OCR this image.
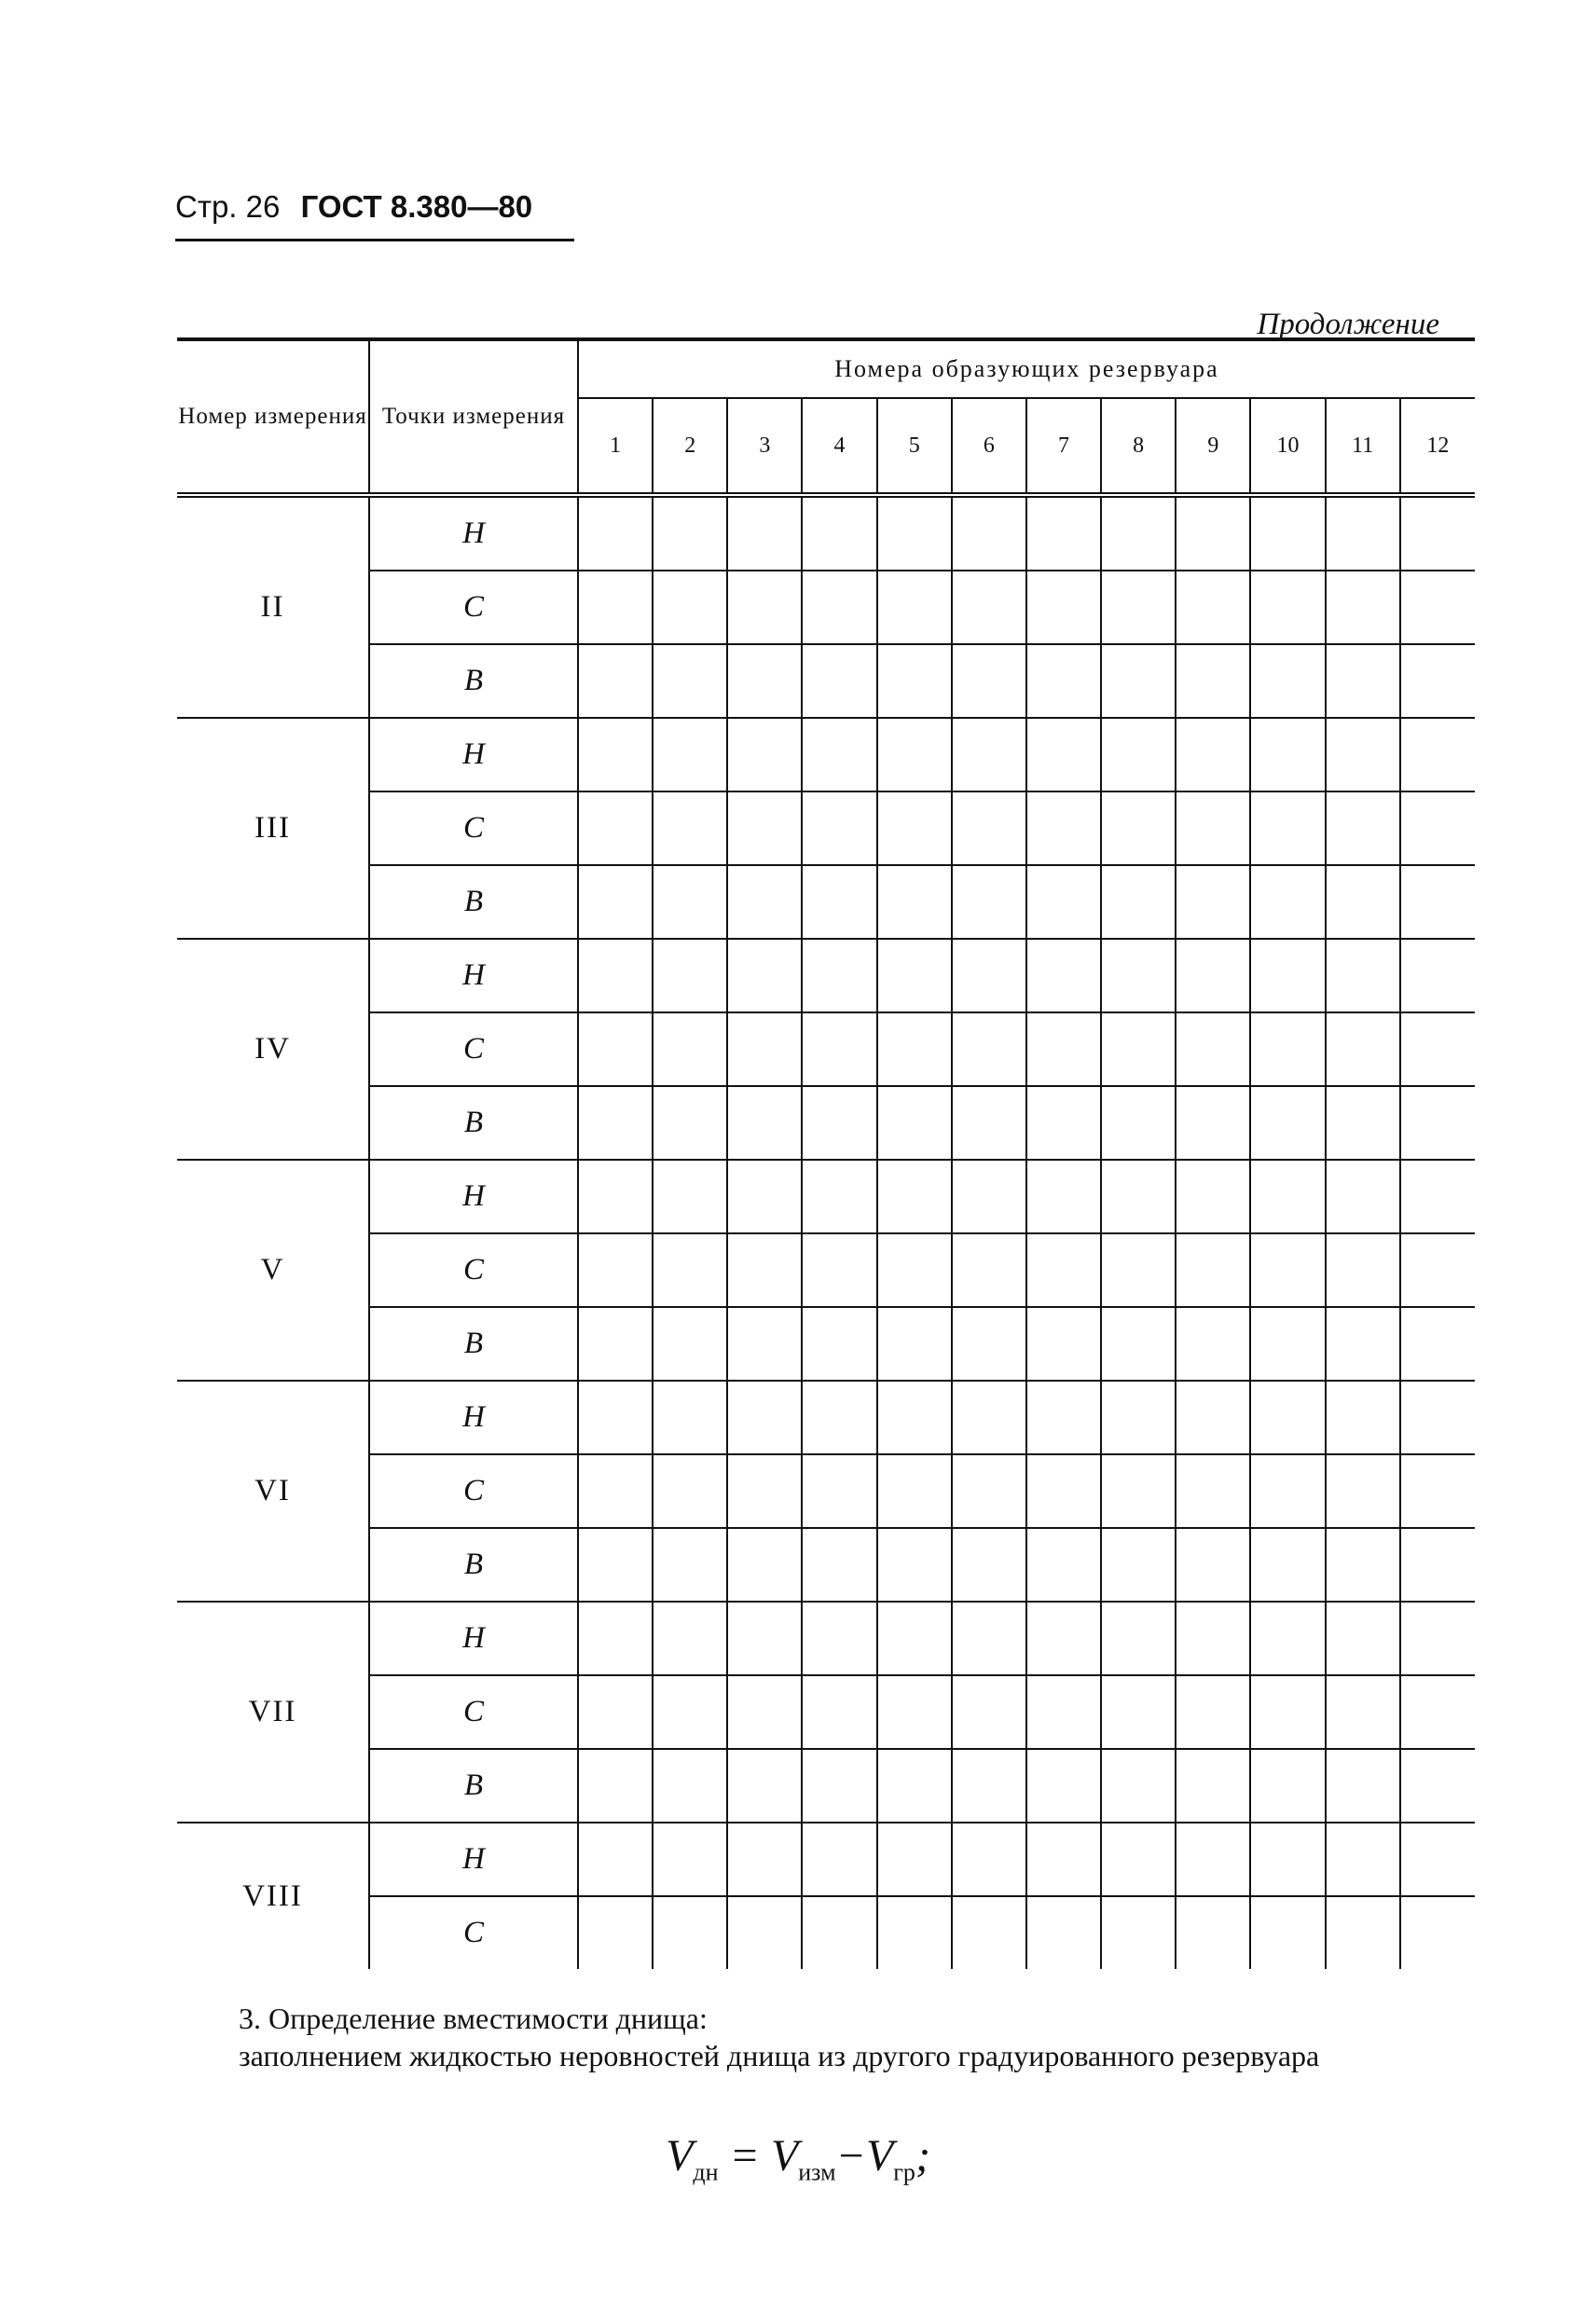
Стр. 26 ГОСТ 8.380—80
Продолжение
Номер измерения	Точки измерения	Номера образующих резервуара											
		1	2	3	4	5	6	7	8	9	10	11	12
II	H												
	C												
	B												
III	H												
	C												
	B												
IV	H												
	C												
	B												
V	H												
	C												
	B												
VI	H												
	C												
	B												
VII	H												
	C												
	B												
VIII	H												
	C												
3. Определение вместимости днища:
заполнением жидкостью неровностей днища из другого градуированного резервуара
$V_{дн} = V_{изм}-V_{гр}$;
